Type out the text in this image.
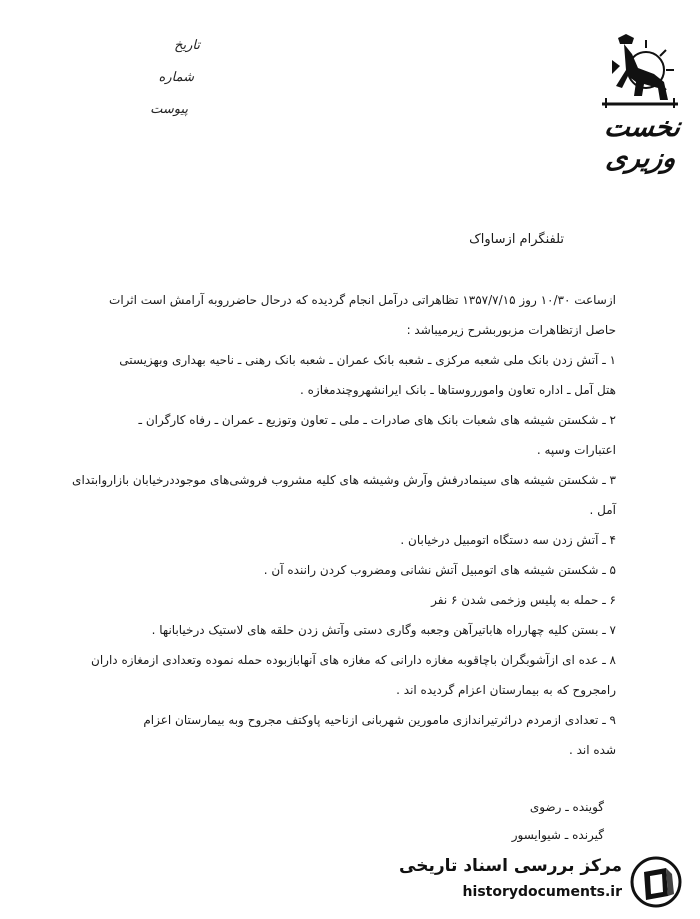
نخست وزیری
تاریخ
شماره
پیوست
تلفنگرام ازساواک
ازساعت ۱۰/۳۰ روز ۱۳۵۷/۷/۱۵ تظاهراتی درآمل انجام گردیده که درحال حاضرروبه آرامش است اثرات
حاصل ازتظاهرات مزبوربشرح زیرمیباشد :
۱ ـ آتش زدن بانک ملی شعبه مرکزی ـ شعبه بانک عمران ـ شعبه بانک رهنی ـ ناحیه بهداری وبهزیستی
هتل آمل ـ اداره تعاون وامورروستاها ـ بانک ایرانشهروچندمغازه .
۲ ـ شکستن شیشه های شعبات بانک های صادرات ـ ملی ـ تعاون وتوزیع ـ عمران ـ رفاه کارگران ـ
اعتبارات وسپه .
۳ ـ شکستن شیشه های سینمادرفش وآرش وشیشه های کلیه مشروب فروشی‌های موجوددرخیابان بازاروابتدای
آمل .
۴ ـ آتش زدن سه دستگاه اتومبیل درخیابان .
۵ ـ شکستن شیشه های اتومبیل آتش نشانی ومضروب کردن راننده آن .
۶ ـ حمله به پلیس وزخمی شدن ۶ نفر
۷ ـ بستن کلیه چهارراه هاباتیرآهن وجعبه وگاری دستی وآتش زدن حلقه های لاستیک درخیابانها .
۸ ـ عده ای ازآشوبگران باچاقوبه مغازه دارانی که مغازه های آنهابازبوده حمله نموده وتعدادی ازمغازه داران
رامجروح که به بیمارستان اعزام گردیده اند .
۹ ـ تعدادی ازمردم دراثرتیراندازی مامورین شهربانی ازناحیه پاوکتف مجروح وبه بیمارستان اعزام
شده اند .
گوینده ـ رضوی
گیرنده ـ شیوایسور
مرکز بررسی اسناد تاریخی
historydocuments.ir
